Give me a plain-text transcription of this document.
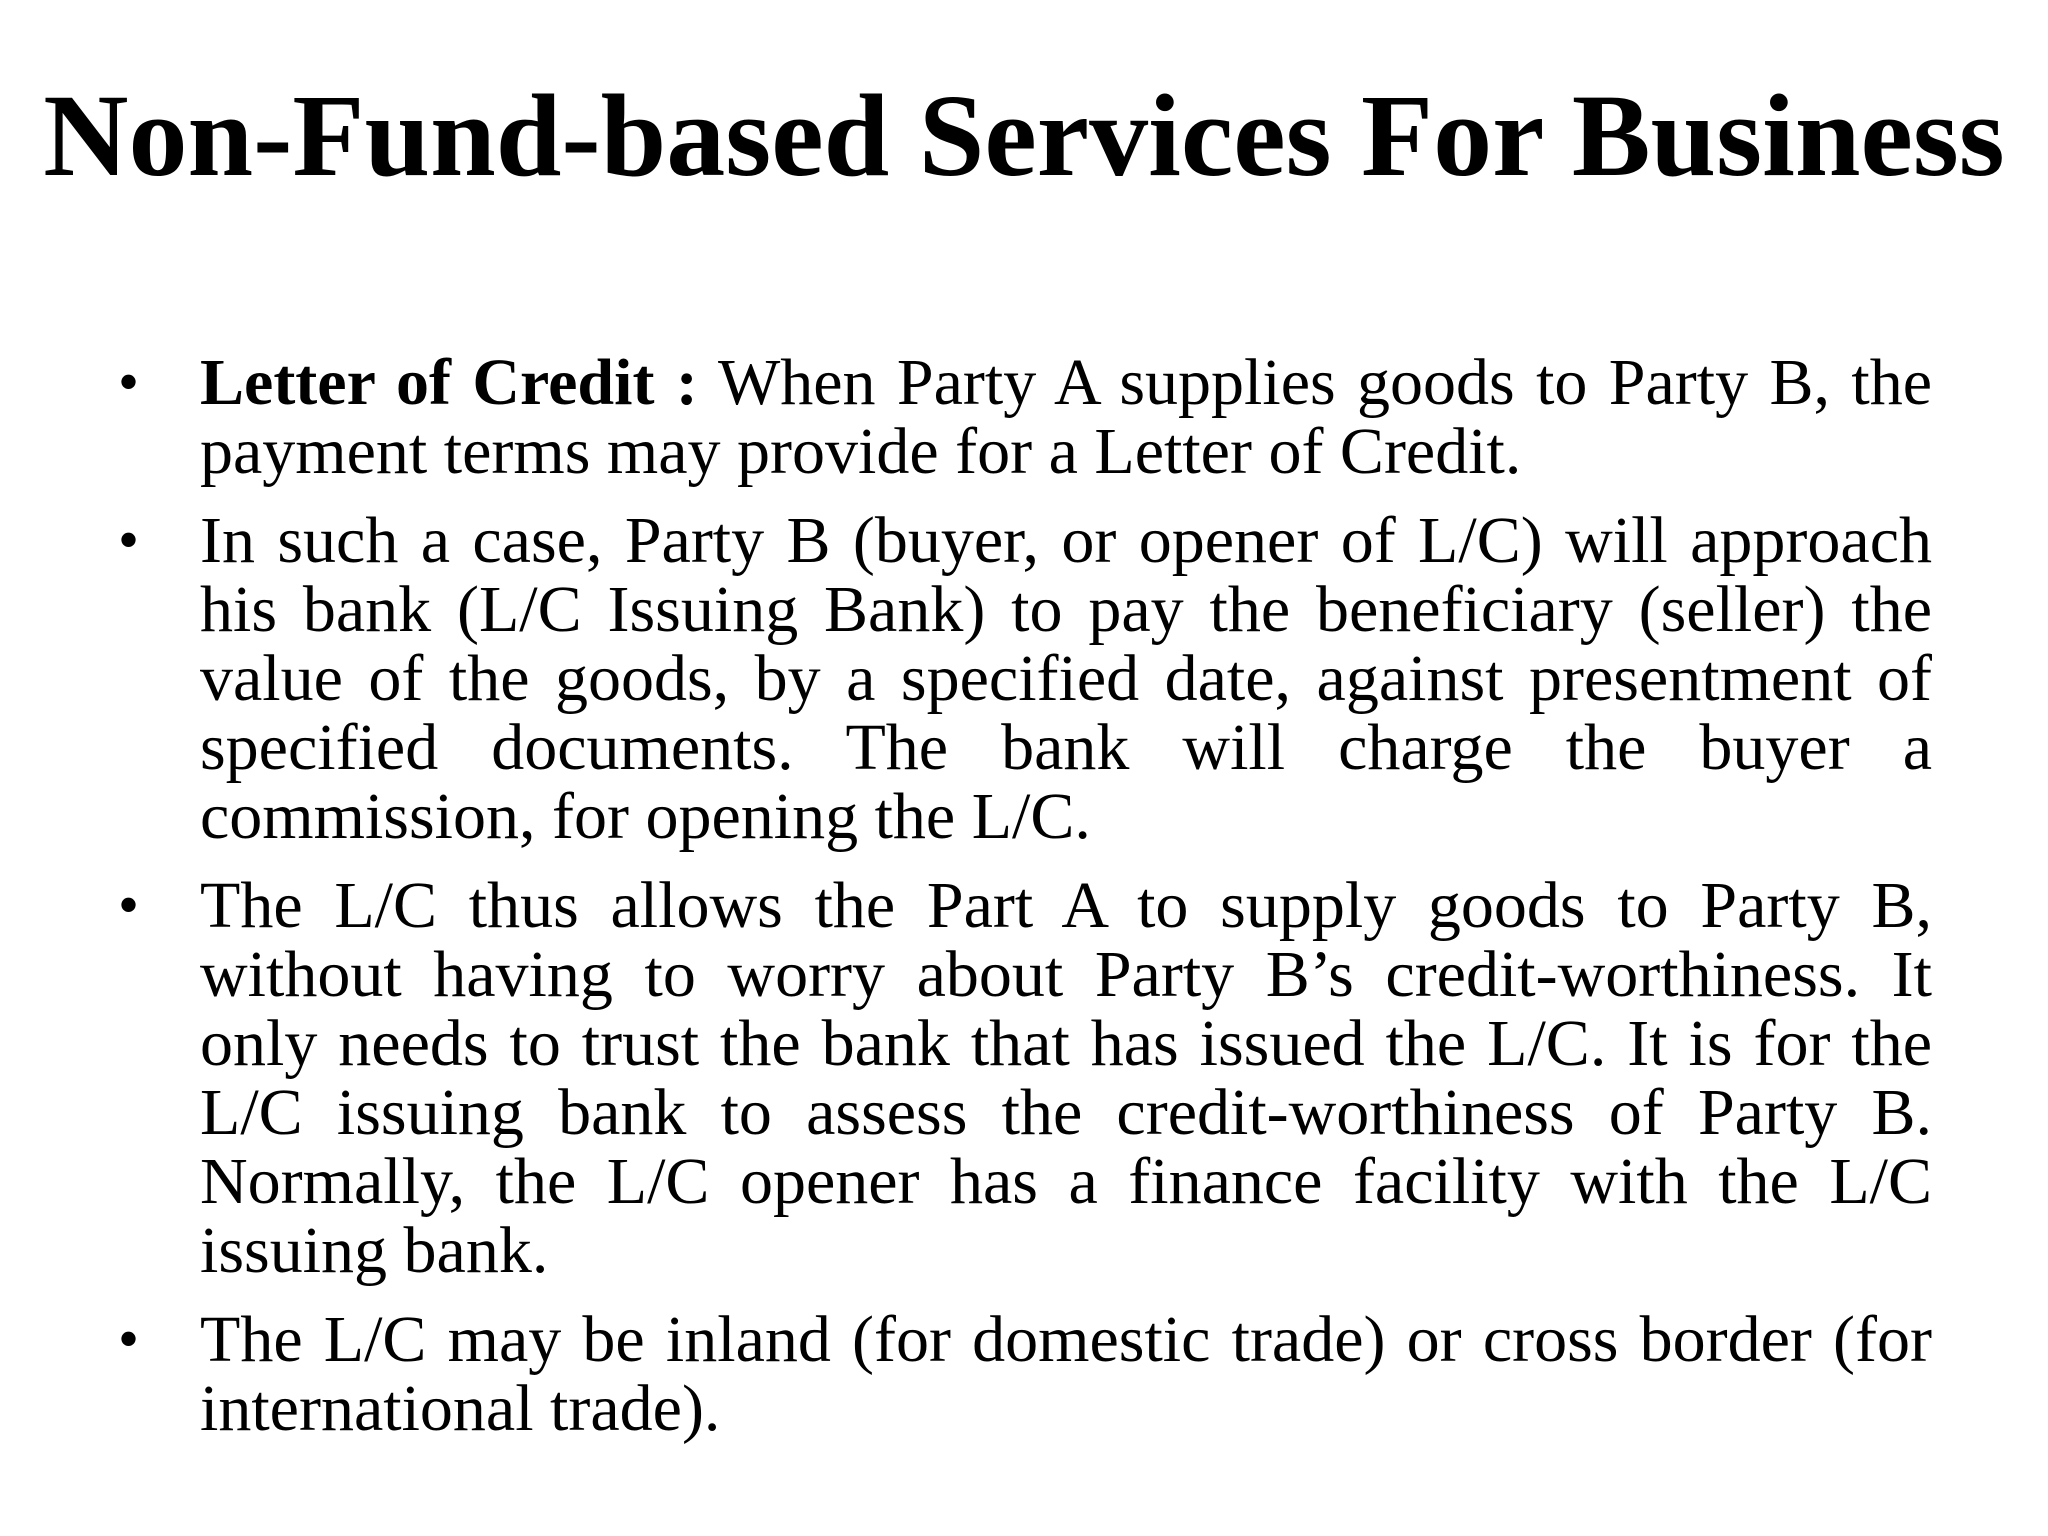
Non-Fund-based Services For Business
• Letter of Credit : When Party A supplies goods to Party B, the payment terms may provide for a Letter of Credit.
• In such a case, Party B (buyer, or opener of L/C) will approach his bank (L/C Issuing Bank) to pay the beneficiary (seller) the value of the goods, by a specified date, against presentment of specified documents. The bank will charge the buyer a commission, for opening the L/C.
• The L/C thus allows the Part A to supply goods to Party B, without having to worry about Party B’s credit-worthiness. It only needs to trust the bank that has issued the L/C. It is for the L/C issuing bank to assess the credit-worthiness of Party B. Normally, the L/C opener has a finance facility with the L/C issuing bank.
• The L/C may be inland (for domestic trade) or cross border (for international trade).
